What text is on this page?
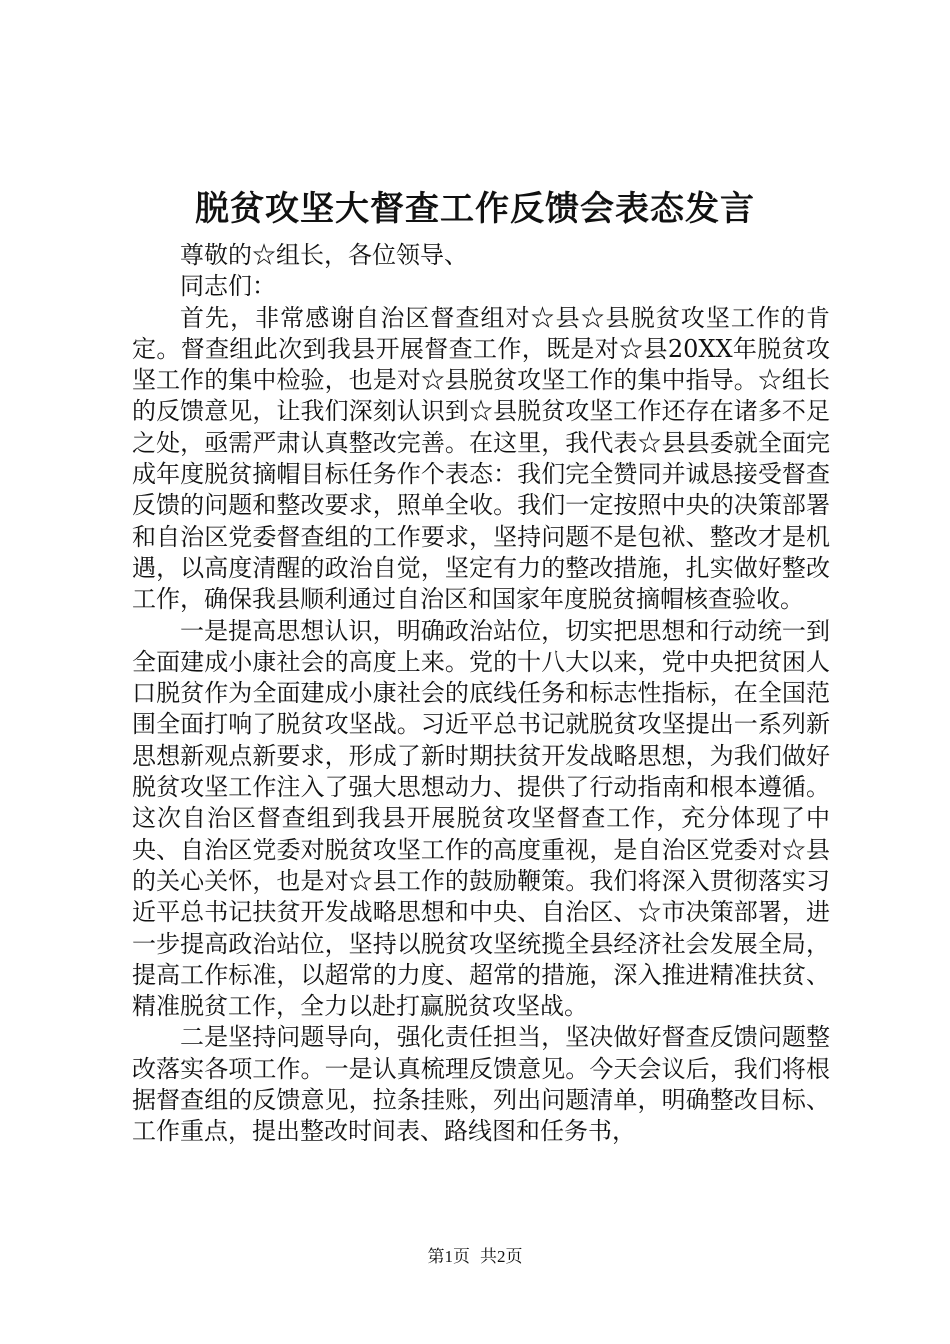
脱贫攻坚大督查工作反馈会表态发言

尊敬的☆组长，各位领导、

同志们：

首先，非常感谢自治区督查组对☆县☆县脱贫攻坚工作的肯定。督查组此次到我县开展督查工作，既是对☆县20XX年脱贫攻坚工作的集中检验，也是对☆县脱贫攻坚工作的集中指导。☆组长的反馈意见，让我们深刻认识到☆县脱贫攻坚工作还存在诸多不足之处，亟需严肃认真整改完善。在这里，我代表☆县县委就全面完成年度脱贫摘帽目标任务作个表态：我们完全赞同并诚恳接受督查反馈的问题和整改要求，照单全收。我们一定按照中央的决策部署和自治区党委督查组的工作要求，坚持问题不是包袱、整改才是机遇，以高度清醒的政治自觉，坚定有力的整改措施，扎实做好整改工作，确保我县顺利通过自治区和国家年度脱贫摘帽核查验收。

一是提高思想认识，明确政治站位，切实把思想和行动统一到全面建成小康社会的高度上来。党的十八大以来，党中央把贫困人口脱贫作为全面建成小康社会的底线任务和标志性指标，在全国范围全面打响了脱贫攻坚战。习近平总书记就脱贫攻坚提出一系列新思想新观点新要求，形成了新时期扶贫开发战略思想，为我们做好脱贫攻坚工作注入了强大思想动力、提供了行动指南和根本遵循。这次自治区督查组到我县开展脱贫攻坚督查工作，充分体现了中央、自治区党委对脱贫攻坚工作的高度重视，是自治区党委对☆县的关心关怀，也是对☆县工作的鼓励鞭策。我们将深入贯彻落实习近平总书记扶贫开发战略思想和中央、自治区、☆市决策部署，进一步提高政治站位，坚持以脱贫攻坚统揽全县经济社会发展全局，提高工作标准，以超常的力度、超常的措施，深入推进精准扶贫、精准脱贫工作，全力以赴打赢脱贫攻坚战。

二是坚持问题导向，强化责任担当，坚决做好督查反馈问题整改落实各项工作。一是认真梳理反馈意见。今天会议后，我们将根据督查组的反馈意见，拉条挂账，列出问题清单，明确整改目标、工作重点，提出整改时间表、路线图和任务书，

第1页 共2页
